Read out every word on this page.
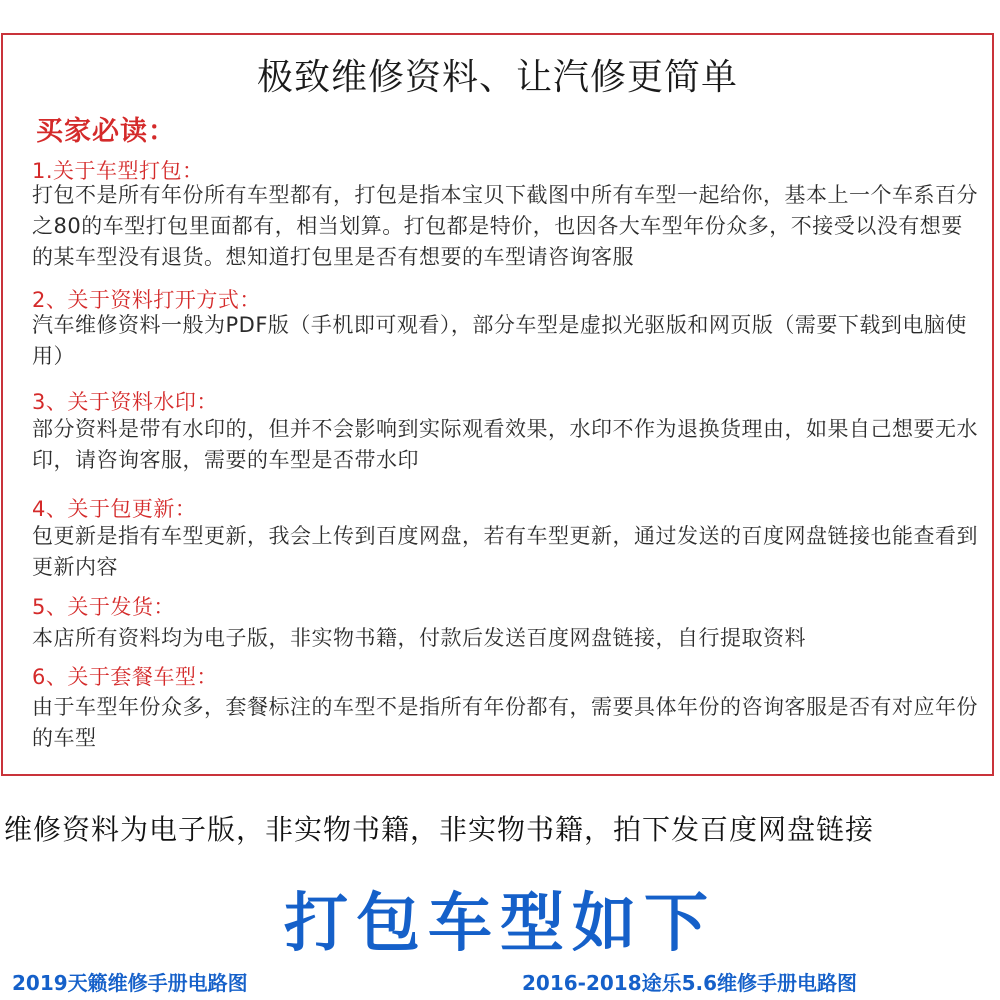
极致维修资料、让汽修更简单
买家必读：
1.关于车型打包：
打包不是所有年份所有车型都有，打包是指本宝贝下截图中所有车型一起给你，基本上一个车系百分之80的车型打包里面都有，相当划算。打包都是特价，也因各大车型年份众多，不接受以没有想要的某车型没有退货。想知道打包里是否有想要的车型请咨询客服
2、关于资料打开方式：
汽车维修资料一般为PDF版（手机即可观看），部分车型是虚拟光驱版和网页版（需要下载到电脑使用）
3、关于资料水印：
部分资料是带有水印的，但并不会影响到实际观看效果，水印不作为退换货理由，如果自己想要无水印，请咨询客服，需要的车型是否带水印
4、关于包更新：
包更新是指有车型更新，我会上传到百度网盘，若有车型更新，通过发送的百度网盘链接也能查看到更新内容
5、关于发货：
本店所有资料均为电子版，非实物书籍，付款后发送百度网盘链接，自行提取资料
6、关于套餐车型：
由于车型年份众多，套餐标注的车型不是指所有年份都有，需要具体年份的咨询客服是否有对应年份的车型
维修资料为电子版，非实物书籍，非实物书籍，拍下发百度网盘链接
打包车型如下
2019天籁维修手册电路图	2016-2018途乐5.6维修手册电路图
